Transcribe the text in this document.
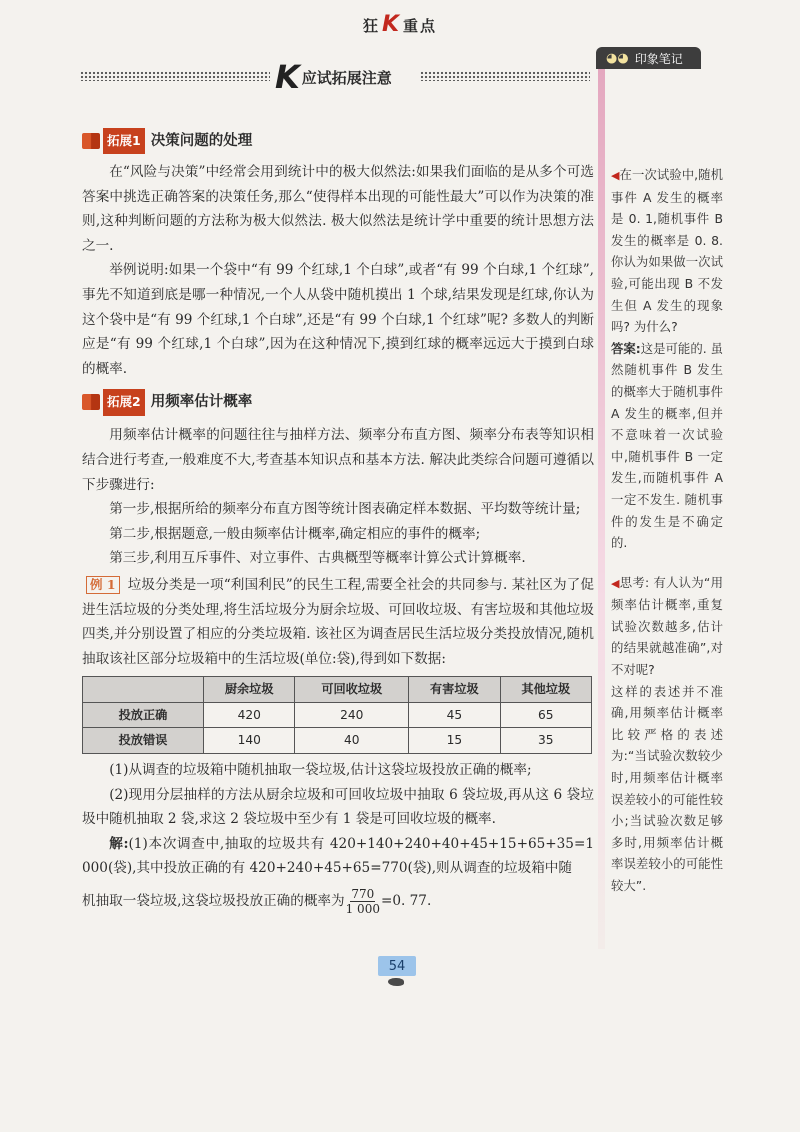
狂K 重点
K 应试拓展注意
◕◕ 印象笔记
拓展1 决策问题的处理

在“风险与决策”中经常会用到统计中的极大似然法:如果我们面临的是从多个可选答案中挑选正确答案的决策任务,那么“使得样本出现的可能性最大”可以作为决策的准则,这种判断问题的方法称为极大似然法. 极大似然法是统计学中重要的统计思想方法之一.

举例说明:如果一个袋中“有 99 个红球,1 个白球”,或者“有 99 个白球,1 个红球”,事先不知道到底是哪一种情况,一个人从袋中随机摸出 1 个球,结果发现是红球,你认为这个袋中是“有 99 个红球,1 个白球”,还是“有 99 个白球,1 个红球”呢? 多数人的判断应是“有 99 个红球,1 个白球”,因为在这种情况下,摸到红球的概率远远大于摸到白球的概率.

拓展2 用频率估计概率

用频率估计概率的问题往往与抽样方法、频率分布直方图、频率分布表等知识相结合进行考查,一般难度不大,考查基本知识点和基本方法. 解决此类综合问题可遵循以下步骤进行:

第一步,根据所给的频率分布直方图等统计图表确定样本数据、平均数等统计量;

第二步,根据题意,一般由频率估计概率,确定相应的事件的概率;

第三步,利用互斥事件、对立事件、古典概型等概率计算公式计算概率.

例 1 垃圾分类是一项“利国利民”的民生工程,需要全社会的共同参与. 某社区为了促进生活垃圾的分类处理,将生活垃圾分为厨余垃圾、可回收垃圾、有害垃圾和其他垃圾四类,并分别设置了相应的分类垃圾箱. 该社区为调查居民生活垃圾分类投放情况,随机抽取该社区部分垃圾箱中的生活垃圾(单位:袋),得到如下数据:

	厨余垃圾	可回收垃圾	有害垃圾	其他垃圾
投放正确	420	240	45	65
投放错误	140	40	15	35

(1)从调查的垃圾箱中随机抽取一袋垃圾,估计这袋垃圾投放正确的概率;

(2)现用分层抽样的方法从厨余垃圾和可回收垃圾中抽取 6 袋垃圾,再从这 6 袋垃圾中随机抽取 2 袋,求这 2 袋垃圾中至少有 1 袋是可回收垃圾的概率.

解:(1)本次调查中,抽取的垃圾共有 420+140+240+40+45+15+65+35=1 000(袋),其中投放正确的有 420+240+45+65=770(袋),则从调查的垃圾箱中随

机抽取一袋垃圾,这袋垃圾投放正确的概率为 $\frac{770}{1 000} =0$. 77.

◀在一次试验中,随机事件 A 发生的概率是 0. 1,随机事件 B 发生的概率是 0. 8. 你认为如果做一次试验,可能出现 B 不发生但 A 发生的现象吗? 为什么?

答案:这是可能的. 虽然随机事件 B 发生的概率大于随机事件 A 发生的概率,但并不意味着一次试验中,随机事件 B 一定发生,而随机事件 A 一定不发生. 随机事件的发生是不确定的.

◀思考: 有人认为“用频率估计概率,重复试验次数越多,估计的结果就越准确”,对不对呢?

这样的表述并不准确,用频率估计概率比较严格的表述为:“当试验次数较少时,用频率估计概率误差较小的可能性较小;当试验次数足够多时,用频率估计概率误差较小的可能性较大”.

54
